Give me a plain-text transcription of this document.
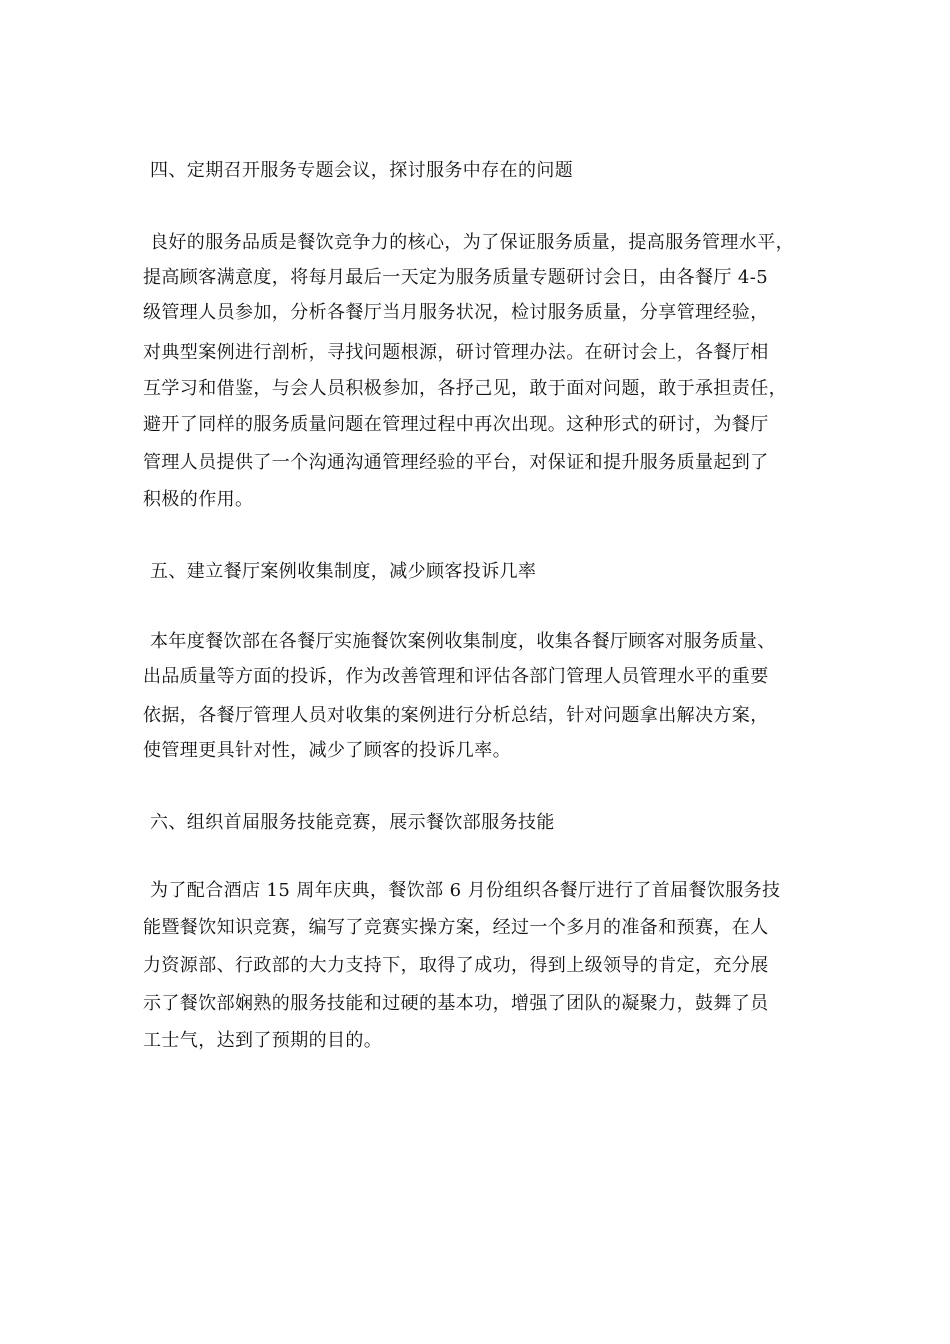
四、定期召开服务专题会议，探讨服务中存在的问题
良好的服务品质是餐饮竞争力的核心，为了保证服务质量，提高服务管理水平，
提高顾客满意度，将每月最后一天定为服务质量专题研讨会日，由各餐厅 4-5
级管理人员参加，分析各餐厅当月服务状况，检讨服务质量，分享管理经验，
对典型案例进行剖析，寻找问题根源，研讨管理办法。在研讨会上，各餐厅相
互学习和借鉴，与会人员积极参加，各抒己见，敢于面对问题，敢于承担责任，
避开了同样的服务质量问题在管理过程中再次出现。这种形式的研讨，为餐厅
管理人员提供了一个沟通沟通管理经验的平台，对保证和提升服务质量起到了
积极的作用。
五、建立餐厅案例收集制度，减少顾客投诉几率
本年度餐饮部在各餐厅实施餐饮案例收集制度，收集各餐厅顾客对服务质量、
出品质量等方面的投诉，作为改善管理和评估各部门管理人员管理水平的重要
依据，各餐厅管理人员对收集的案例进行分析总结，针对问题拿出解决方案，
使管理更具针对性，减少了顾客的投诉几率。
六、组织首届服务技能竞赛，展示餐饮部服务技能
为了配合酒店 15 周年庆典，餐饮部 6 月份组织各餐厅进行了首届餐饮服务技
能暨餐饮知识竞赛，编写了竞赛实操方案，经过一个多月的准备和预赛，在人
力资源部、行政部的大力支持下，取得了成功，得到上级领导的肯定，充分展
示了餐饮部娴熟的服务技能和过硬的基本功，增强了团队的凝聚力，鼓舞了员
工士气，达到了预期的目的。
